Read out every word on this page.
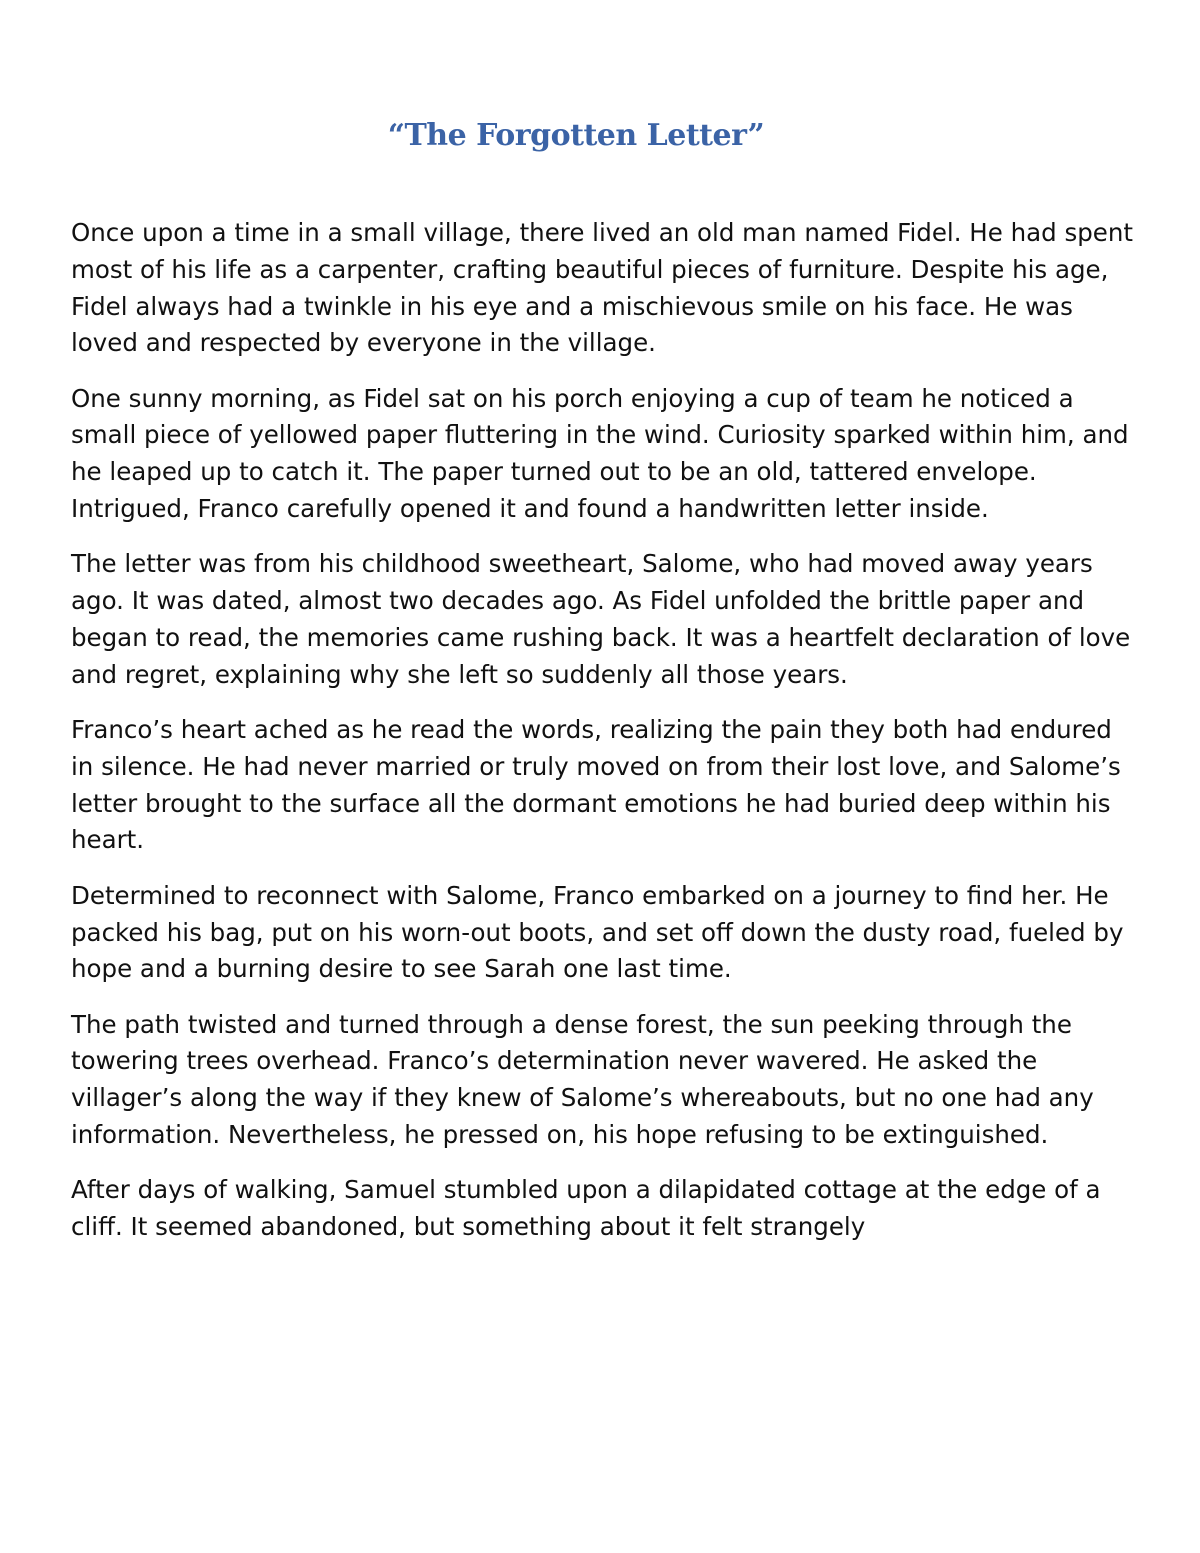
“The Forgotten Letter”

Once upon a time in a small village, there lived an old man named Fidel. He had spent most of his life as a carpenter, crafting beautiful pieces of furniture. Despite his age, Fidel always had a twinkle in his eye and a mischievous smile on his face. He was loved and respected by everyone in the village.

One sunny morning, as Fidel sat on his porch enjoying a cup of team he noticed a small piece of yellowed paper fluttering in the wind. Curiosity sparked within him, and he leaped up to catch it. The paper turned out to be an old, tattered envelope. Intrigued, Franco carefully opened it and found a handwritten letter inside.

The letter was from his childhood sweetheart, Salome, who had moved away years ago. It was dated, almost two decades ago. As Fidel unfolded the brittle paper and began to read, the memories came rushing back. It was a heartfelt declaration of love and regret, explaining why she left so suddenly all those years.

Franco’s heart ached as he read the words, realizing the pain they both had endured in silence. He had never married or truly moved on from their lost love, and Salome’s letter brought to the surface all the dormant emotions he had buried deep within his heart.

Determined to reconnect with Salome, Franco embarked on a journey to find her. He packed his bag, put on his worn-out boots, and set off down the dusty road, fueled by hope and a burning desire to see Sarah one last time.

The path twisted and turned through a dense forest, the sun peeking through the towering trees overhead. Franco’s determination never wavered. He asked the villager’s along the way if they knew of Salome’s whereabouts, but no one had any information. Nevertheless, he pressed on, his hope refusing to be extinguished.

After days of walking, Samuel stumbled upon a dilapidated cottage at the edge of a cliff. It seemed abandoned, but something about it felt strangely
